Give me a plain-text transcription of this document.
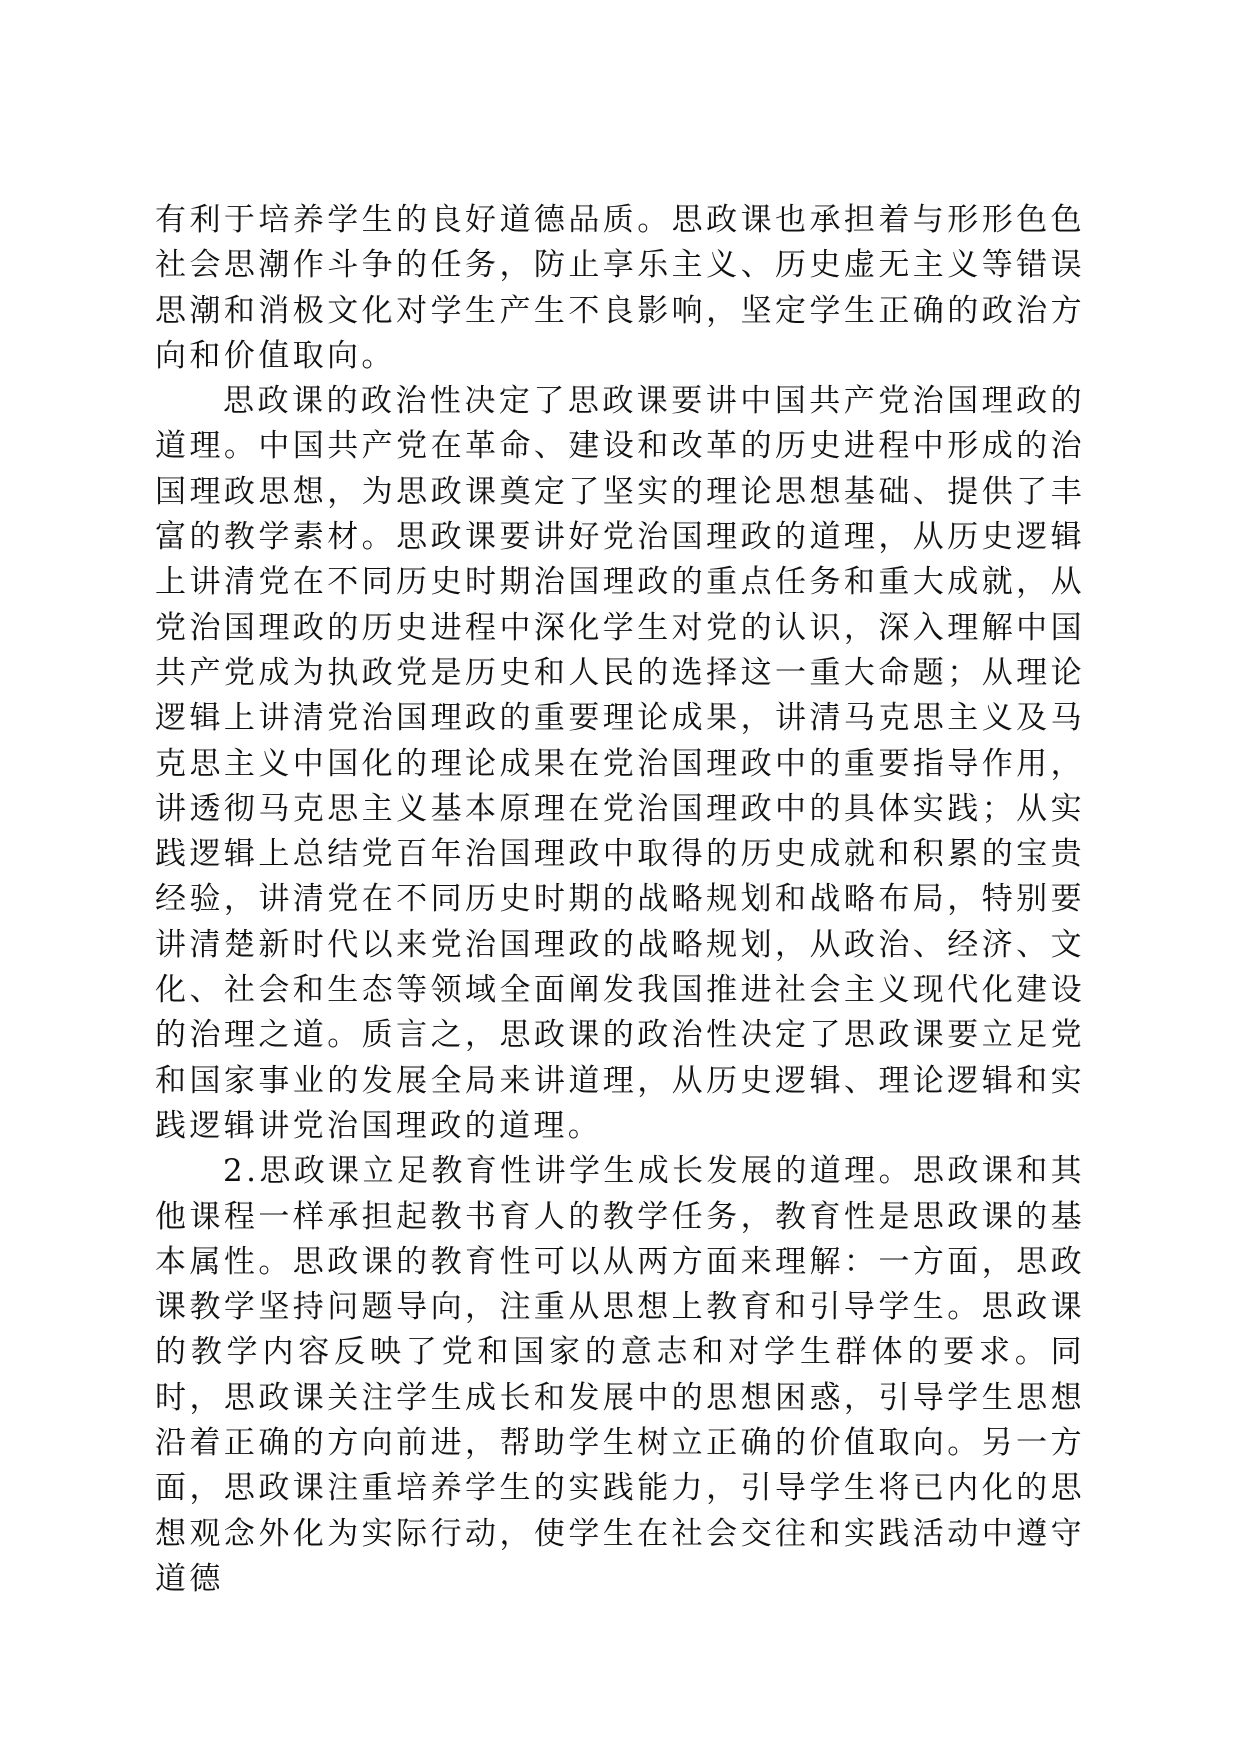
有利于培养学生的良好道德品质。思政课也承担着与形形色色社会思潮作斗争的任务，防止享乐主义、历史虚无主义等错误思潮和消极文化对学生产生不良影响，坚定学生正确的政治方向和价值取向。

思政课的政治性决定了思政课要讲中国共产党治国理政的道理。中国共产党在革命、建设和改革的历史进程中形成的治国理政思想，为思政课奠定了坚实的理论思想基础、提供了丰富的教学素材。思政课要讲好党治国理政的道理，从历史逻辑上讲清党在不同历史时期治国理政的重点任务和重大成就，从党治国理政的历史进程中深化学生对党的认识，深入理解中国共产党成为执政党是历史和人民的选择这一重大命题；从理论逻辑上讲清党治国理政的重要理论成果，讲清马克思主义及马克思主义中国化的理论成果在党治国理政中的重要指导作用，讲透彻马克思主义基本原理在党治国理政中的具体实践；从实践逻辑上总结党百年治国理政中取得的历史成就和积累的宝贵经验，讲清党在不同历史时期的战略规划和战略布局，特别要讲清楚新时代以来党治国理政的战略规划，从政治、经济、文化、社会和生态等领域全面阐发我国推进社会主义现代化建设的治理之道。质言之，思政课的政治性决定了思政课要立足党和国家事业的发展全局来讲道理，从历史逻辑、理论逻辑和实践逻辑讲党治国理政的道理。

2.思政课立足教育性讲学生成长发展的道理。思政课和其他课程一样承担起教书育人的教学任务，教育性是思政课的基本属性。思政课的教育性可以从两方面来理解：一方面，思政课教学坚持问题导向，注重从思想上教育和引导学生。思政课的教学内容反映了党和国家的意志和对学生群体的要求。同时，思政课关注学生成长和发展中的思想困惑，引导学生思想沿着正确的方向前进，帮助学生树立正确的价值取向。另一方面，思政课注重培养学生的实践能力，引导学生将已内化的思想观念外化为实际行动，使学生在社会交往和实践活动中遵守道德
